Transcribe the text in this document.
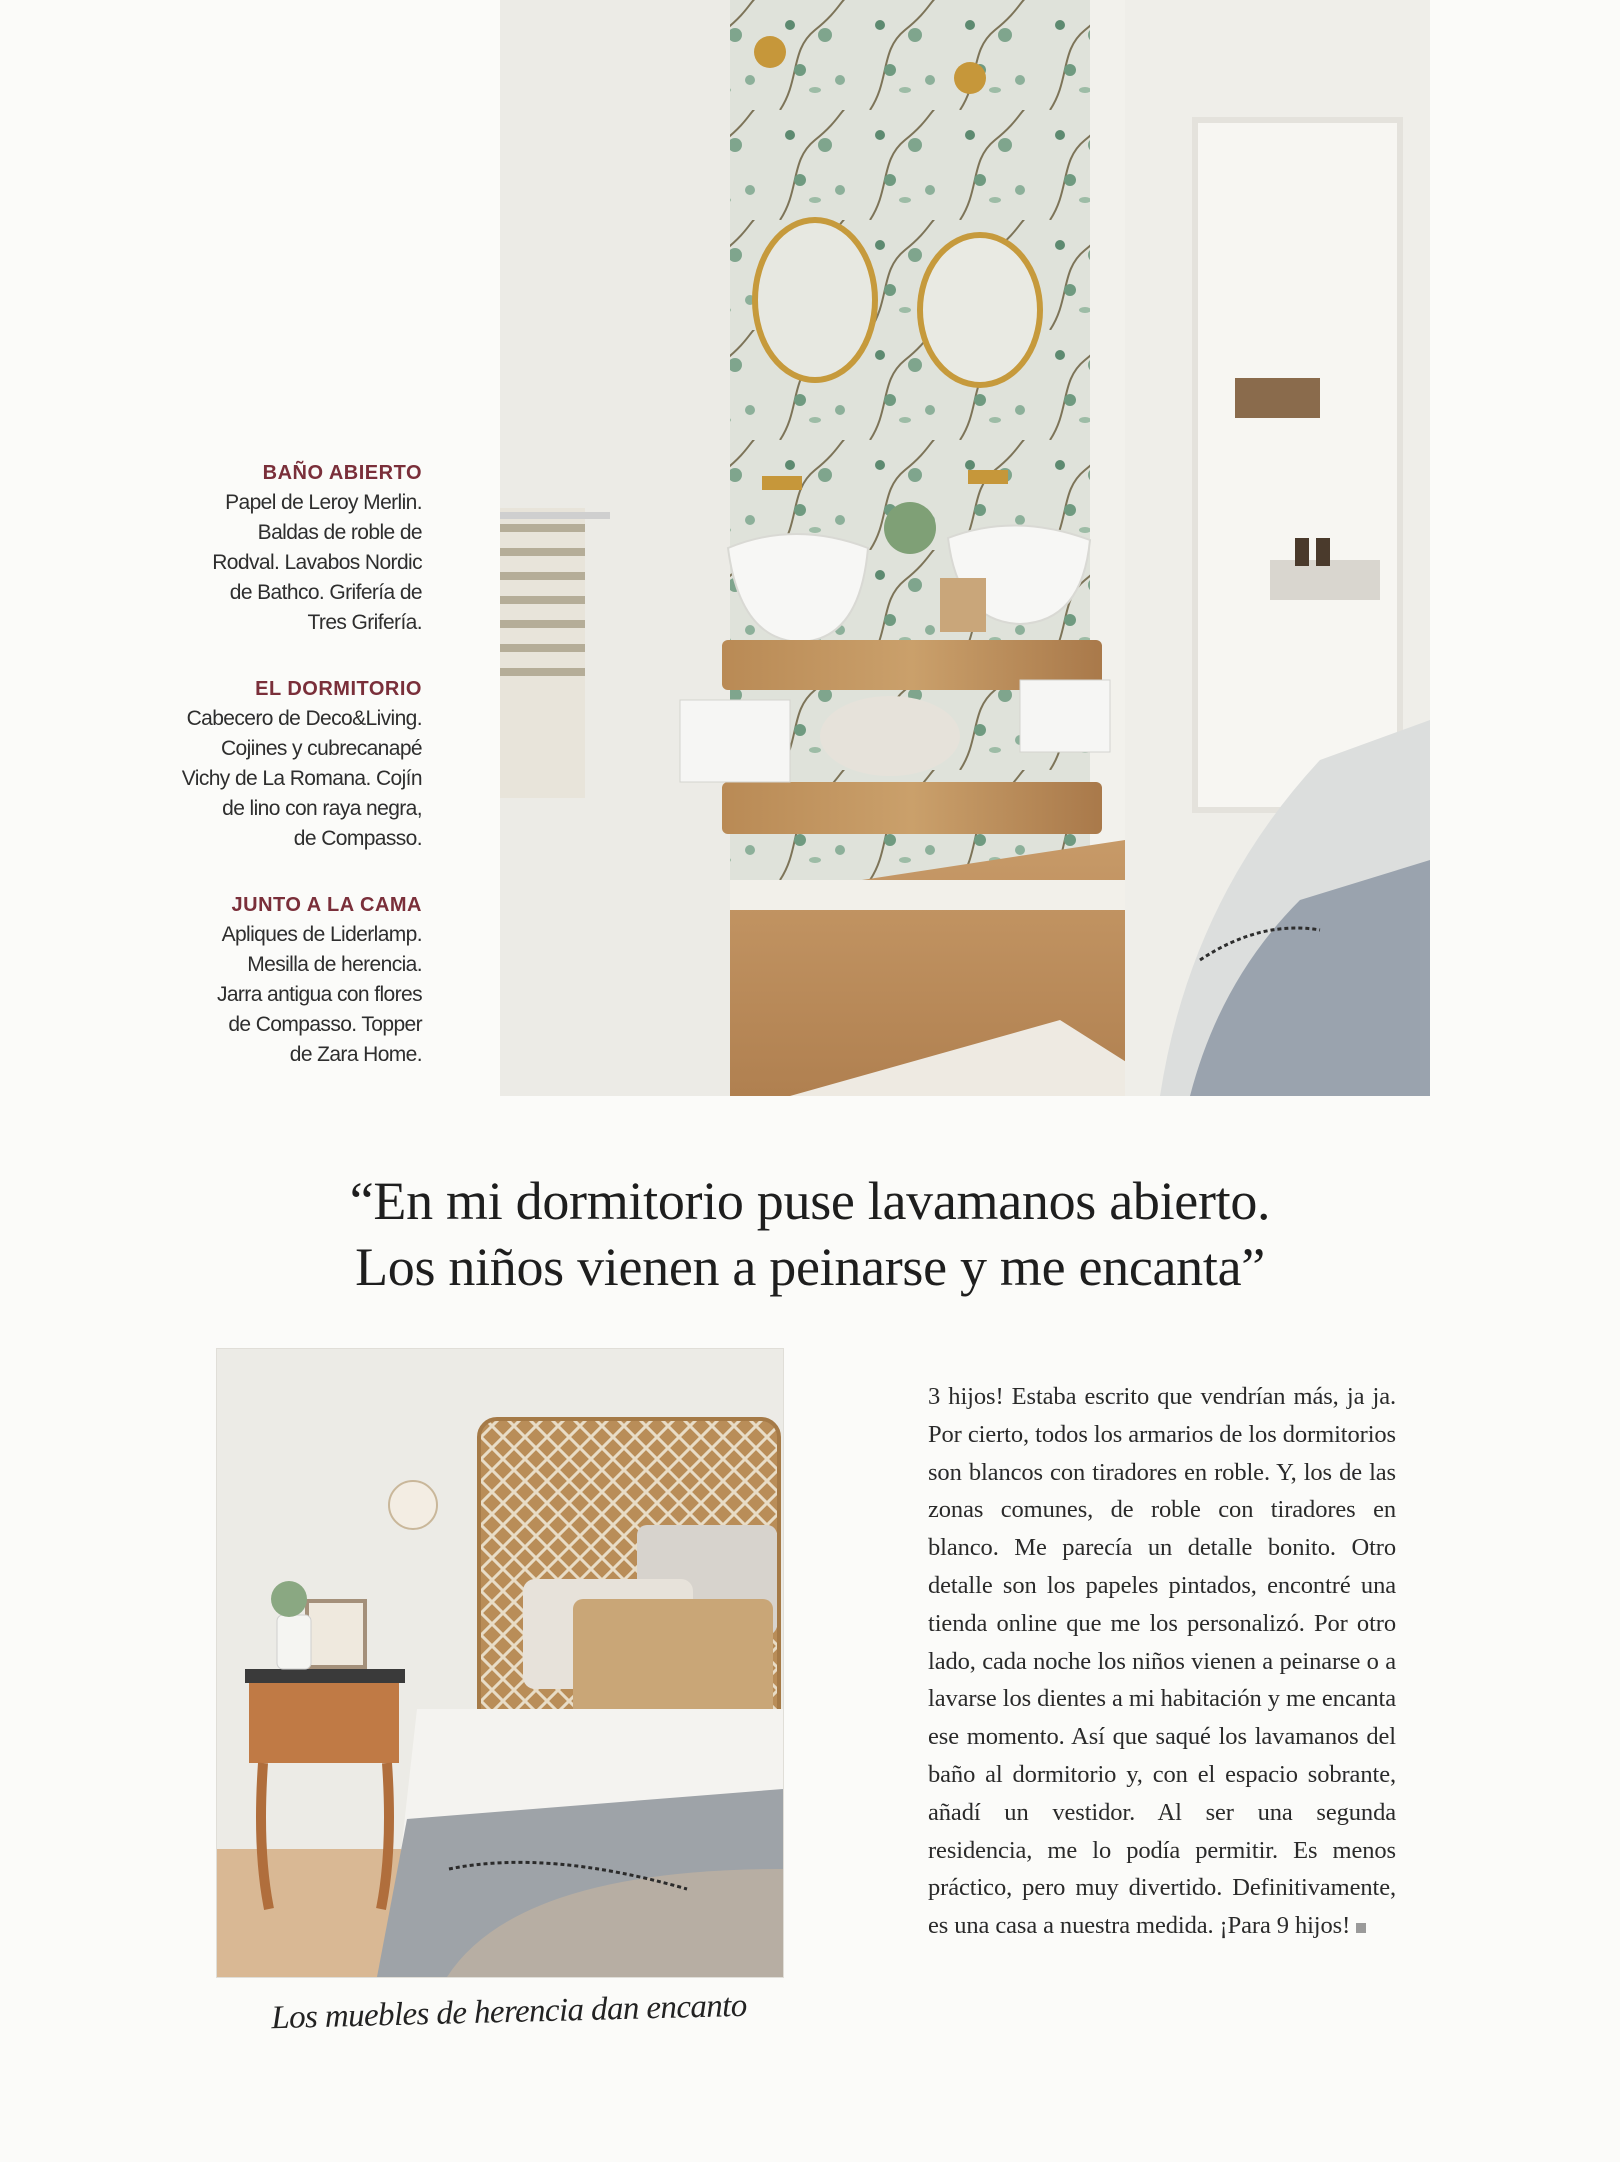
BAÑO ABIERTO
Papel de Leroy Merlin.
Baldas de roble de
Rodval. Lavabos Nordic
de Bathco. Grifería de
Tres Grifería.
EL DORMITORIO
Cabecero de Deco&Living.
Cojines y cubrecanapé
Vichy de La Romana. Cojín
de lino con raya negra,
de Compasso.
JUNTO A LA CAMA
Apliques de Liderlamp.
Mesilla de herencia.
Jarra antigua con flores
de Compasso. Topper
de Zara Home.
“En mi dormitorio puse lavamanos abierto.
Los niños vienen a peinarse y me encanta”
Los muebles de herencia dan encanto
3 hijos! Estaba escrito que vendrían más, ja ja. Por cierto, todos los armarios de los dormitorios son blancos con tiradores en roble. Y, los de las zonas comunes, de roble con tiradores en blanco. Me parecía un detalle bonito. Otro detalle son los papeles pintados, encontré una tienda online que me los personalizó. Por otro lado, cada noche los niños vienen a peinarse o a lavarse los dientes a mi habitación y me encanta ese momento. Así que saqué los lavamanos del baño al dormitorio y, con el espacio sobrante, añadí un vestidor. Al ser una segunda residencia, me lo podía permitir. Es menos práctico, pero muy divertido. Definitivamente, es una casa a nuestra medida. ¡Para 9 hijos!
